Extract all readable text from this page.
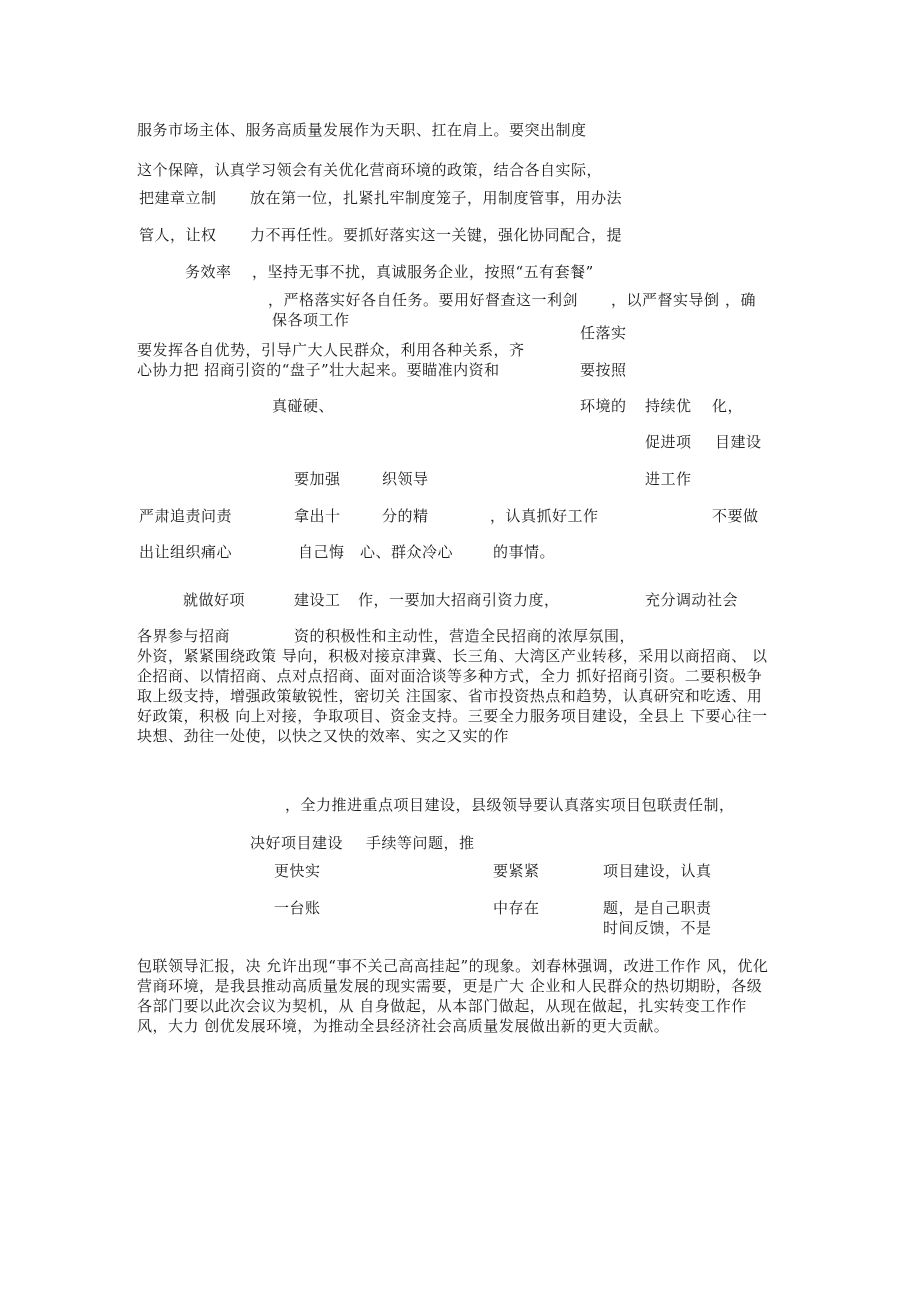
服务市场主体、服务高质量发展作为天职、扛在肩上。要突出制度
这个保障，认真学习领会有关优化营商环境的政策，结合各自实际，
把建章立制 放在第一位，扎紧扎牢制度笼子，用制度管事，用办法
管人，让权 力不再任性。要抓好落实这一关键，强化协同配合，提
务效率 ，坚持无事不扰，真诚服务企业，按照“五有套餐”
，严格落实好各自任务。要用好督查这一利剑 ，以严督实导倒 ，确
保各项工作
任落实
要发挥各自优势，引导广大人民群众，利用各种关系，齐
心协力把 招商引资的“盘子”壮大起来。要瞄准内资和	要按照
真碰硬、	环境的 持续优 化，
促进项 目建设
要加强	织领导	进工作
严肃追责问责	拿出十	分的精	，认真抓好工作	不要做
出让组织痛心	自己悔 心、群众冷心	的事情。
就做好项	建设工 作，一要加大招商引资力度，	充分调动社会
各界参与招商	资的积极性和主动性，营造全民招商的浓厚氛围，
外资，紧紧围绕政策 导向，积极对接京津冀、长三角、大湾区产业转移，采用以商招商、 以企招商、以情招商、点对点招商、面对面洽谈等多种方式，全力 抓好招商引资。二要积极争取上级支持，增强政策敏锐性，密切关 注国家、省市投资热点和趋势，认真研究和吃透、用好政策，积极 向上对接，争取项目、资金支持。三要全力服务项目建设，全县上 下要心往一块想、劲往一处使，以快之又快的效率、实之又实的作
，全力推进重点项目建设，县级领导要认真落实项目包联责任制，
决好项目建设 手续等问题，推
更快实	要紧紧	项目建设，认真
一台账	中存在	题，是自己职责
时间反馈，不是
包联领导汇报，决 允许出现“事不关己高高挂起”的现象。刘春林强调，改进工作作 风，优化营商环境，是我县推动高质量发展的现实需要，更是广大 企业和人民群众的热切期盼，各级各部门要以此次会议为契机，从 自身做起，从本部门做起，从现在做起，扎实转变工作作风，大力 创优发展环境，为推动全县经济社会高质量发展做出新的更大贡献。
